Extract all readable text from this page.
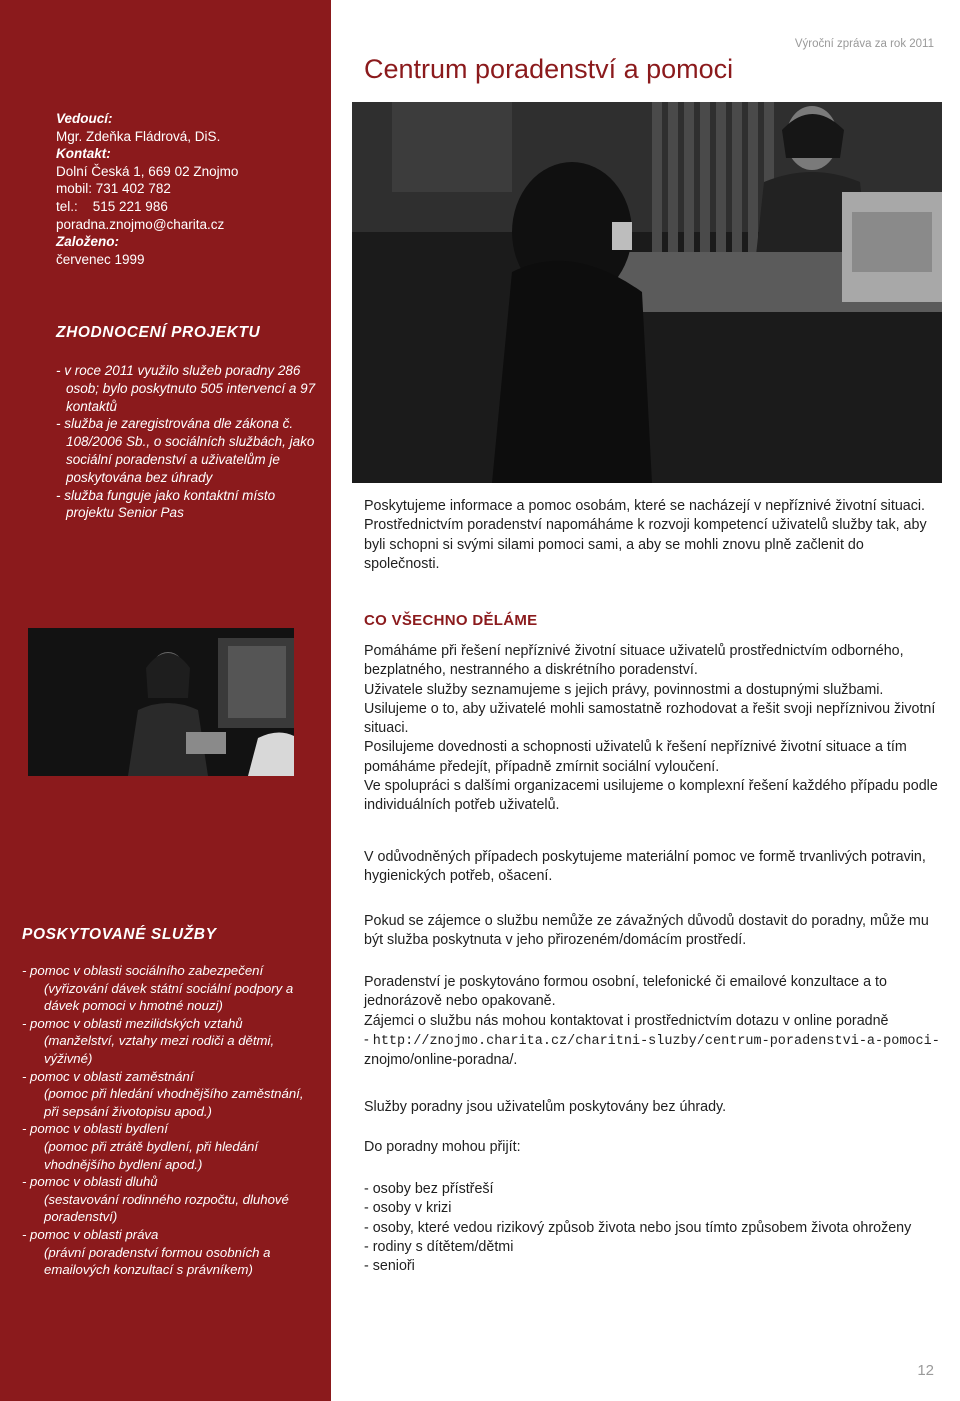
Vedoucí:
Mgr. Zdeňka Fládrová, DiS.
Kontakt:
Dolní Česká 1, 669 02 Znojmo
mobil: 731 402 782
tel.:    515 221 986
poradna.znojmo@charita.cz
Založeno:
červenec 1999
ZHODNOCENÍ PROJEKTU
- v roce 2011 využilo služeb poradny 286 osob; bylo poskytnuto 505 intervencí a 97 kontaktů
- služba je zaregistrována dle zákona č. 108/2006 Sb., o sociálních službách, jako sociální poradenství a uživatelům je poskytována bez úhrady
- služba funguje jako kontaktní místo projektu Senior Pas
POSKYTOVANÉ SLUŽBY
- pomoc v oblasti sociálního zabezpečení
(vyřizování dávek státní sociální podpory a dávek pomoci v hmotné nouzi)
- pomoc v oblasti mezilidských vztahů
(manželství, vztahy mezi rodiči a dětmi, výživné)
- pomoc v oblasti zaměstnání
(pomoc při hledání vhodnějšího zaměstnání, při sepsání životopisu apod.)
- pomoc v oblasti bydlení
(pomoc při ztrátě bydlení, při hledání vhodnějšího bydlení apod.)
- pomoc v oblasti dluhů
(sestavování rodinného rozpočtu, dluhové poradenství)
- pomoc v oblasti práva
(právní poradenství formou osobních a emailových konzultací s právníkem)

Výroční zpráva za rok 2011

Centrum poradenství a pomoci

Poskytujeme informace a pomoc osobám, které se nacházejí v nepříznivé životní situaci.

Prostřednictvím poradenství napomáháme k rozvoji kompetencí uživatelů služby tak, aby byli schopni si svými silami pomoci sami, a aby se mohli znovu plně začlenit do společnosti.

CO VŠECHNO DĚLÁME

Pomáháme při řešení nepříznivé životní situace uživatelů prostřednictvím odborného, bezplatného, nestranného a diskrétního poradenství.

Uživatele služby seznamujeme s jejich právy, povinnostmi a dostupnými službami.

Usilujeme o to, aby uživatelé mohli samostatně rozhodovat a řešit svoji nepříznivou životní situaci.

Posilujeme dovednosti a schopnosti uživatelů k řešení nepříznivé životní situace a tím pomáháme předejít, případně zmírnit sociální vyloučení.

Ve spolupráci s dalšími organizacemi usilujeme o komplexní řešení každého případu podle individuálních potřeb uživatelů.

V odůvodněných případech poskytujeme materiální pomoc ve formě trvanlivých potravin, hygienických potřeb, ošacení.

Pokud se zájemce o službu nemůže ze závažných důvodů dostavit do poradny, může mu být služba poskytnuta v jeho přirozeném/domácím prostředí.

Poradenství je poskytováno formou osobní, telefonické či emailové konzultace a to jednorázově nebo opakovaně.

Zájemci o službu nás mohou kontaktovat i prostřednictvím dotazu v online poradně

- http://znojmo.charita.cz/charitni-sluzby/centrum-poradenstvi-a-pomoci-

znojmo/online-poradna/.

Služby poradny jsou uživatelům poskytovány bez úhrady.

Do poradny mohou přijít:

- osoby bez přístřeší
- osoby v krizi
- osoby, které vedou rizikový způsob života nebo jsou tímto způsobem života ohroženy
- rodiny s dítětem/dětmi
- senioři

12
